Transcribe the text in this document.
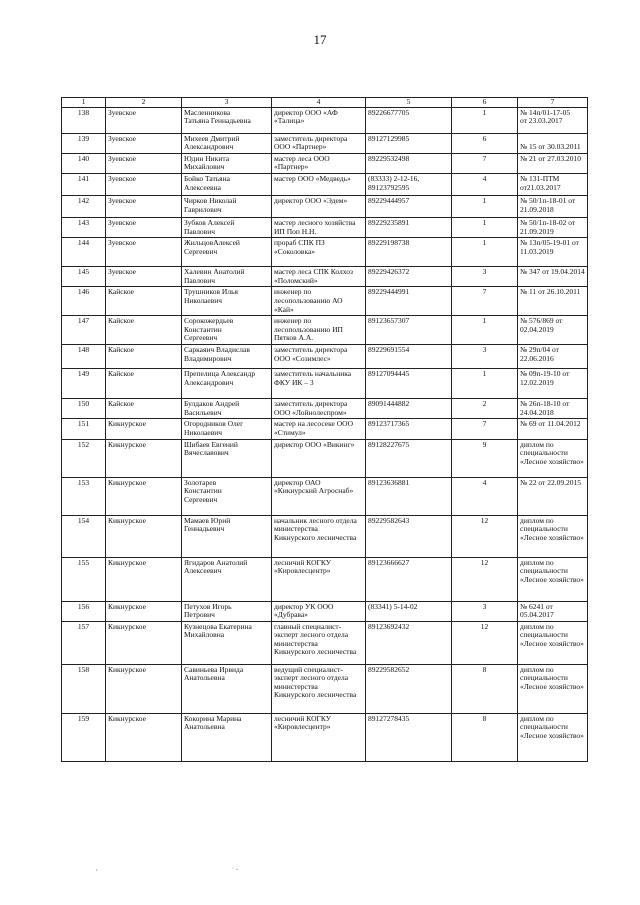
17
1	2	3	4	5	6	7
138	Зуевское	Масленникова
Татьяна Геннадьевна	директор ООО «АФ
«Талица»	89226677705	1	№ 14п/01-17-05
от 23.03.2017
139	Зуевское	Михеев Дмитрий
Александрович	заместитель директора
ООО «Партнер»	89127129985	6	
№ 15 от 30.03.2011
140	Зуевское	Юдин Никита
Михайлович	мастер леса ООО
«Партнер»	89229532498	7	№ 21 от 27.03.2010
141	Зуевское	Бойко Татьяна
Алексеевна	мастер ООО «Медведь»	(83333) 2-12-16,
89123792595	4	№ 131-ПТМ
от21.03.2017
142	Зуевское	Чирков Николай
Гаврилович	директор ООО «Эдем»	89229444957	1	№ 50/1п-18-01 от
21.09.2018
143	Зуевское	Зубков Алексей
Павлович	мастер лесного хозяйства
ИП Поп Н.Н.	89229235891	1	№ 50/1п-18-02 от
21.09.2019
144	Зуевское	ЖильцовАлексей
Сергеевич	прораб СПК ПЗ
«Соколовка»	89229198738	1	№ 13п/05-19-01 от
11.03.2019
145	Зуевское	Халевин Анатолий
Павлович	мастер леса СПК Колхоз
«Поломский»	89229426372	3	№ 347 от 19.04.2014
146	Кайское	Трушников Илья
Николаевич	инженер по
лесопользованию АО
«Кай»	89229444991	7	№ 11 от 26.10.2011
147	Кайское	Сорокожердьев
Константин
Сергеевич	инженер по
лесопользованию ИП
Пятков А.А.	89123657307	1	№ 576/869 от
02.04.2019
148	Кайское	Саркаяич Владислав
Владимирович	заместитель директора
ООО «Созимлес»	89229691554	3	№ 29п/04 от
22.06.2016
149	Кайское	Препелица Александр
Александрович	заместитель начальника
ФКУ ИК – 3	89127094445	1	№ 09п-19-10 от
12.02.2019
150	Кайское	Булдаков Андрей
Васильевич	заместитель директора
ООО «Лойнолеспром»	89091444882	2	№ 26п-18-10 от
24.04.2018
151	Кикнурское	Огородников Олег
Николаевич	мастер на лесосеке ООО
«Стимул»	89123717365	7	№ 69 от 11.04.2012
152	Кикнурское	Шибаев Евгений
Вячеславович	директор ООО «Викинг»	89128227675	9	диплом по
специальности
«Лесное хозяйство»
153	Кикнурское	Золотарев
Константин
Сергеевич	директор ОАО
«Кикнурский Агроснаб»	89123636881	4	№ 22 от 22.09.2015
154	Кикнурское	Мамаев Юрий
Геннадьевич	начальник лесного отдела
министерства
Кикнурского лесничества	89229582643	12	диплом по
специальности
«Лесное хозяйство»
155	Кикнурское	Ягидаров Анатолий
Алексеевич	лесничий КОГКУ
«Кировлесцентр»	89123666627	12	диплом по
специальности
«Лесное хозяйство»
156	Кикнурское	Петухов Игорь
Петрович	директор УК ООО
«Дубрава»	(83341) 5-14-02	3	№ 6241 от
05.04.2017
157	Кикнурское	Кузнецова Екатерина
Михайловна	главный специалист-
эксперт лесного отдела
министерства
Кикнурского лесничества	89123692432	12	диплом по
специальности
«Лесное хозяйство»
158	Кикнурское	Савиньева Ирвида
Анатольевна	ведущий специалист-
эксперт лесного отдела
министерства
Кикнурского лесничества	89229582652	8	диплом по
специальности
«Лесное хозяйство»
159	Кикнурское	Кокорина Марина
Анатольевна	лесничий КОГКУ
«Кировлесцентр»	89127278435	8	диплом по
специальности
«Лесное хозяйство»
,	· ..
